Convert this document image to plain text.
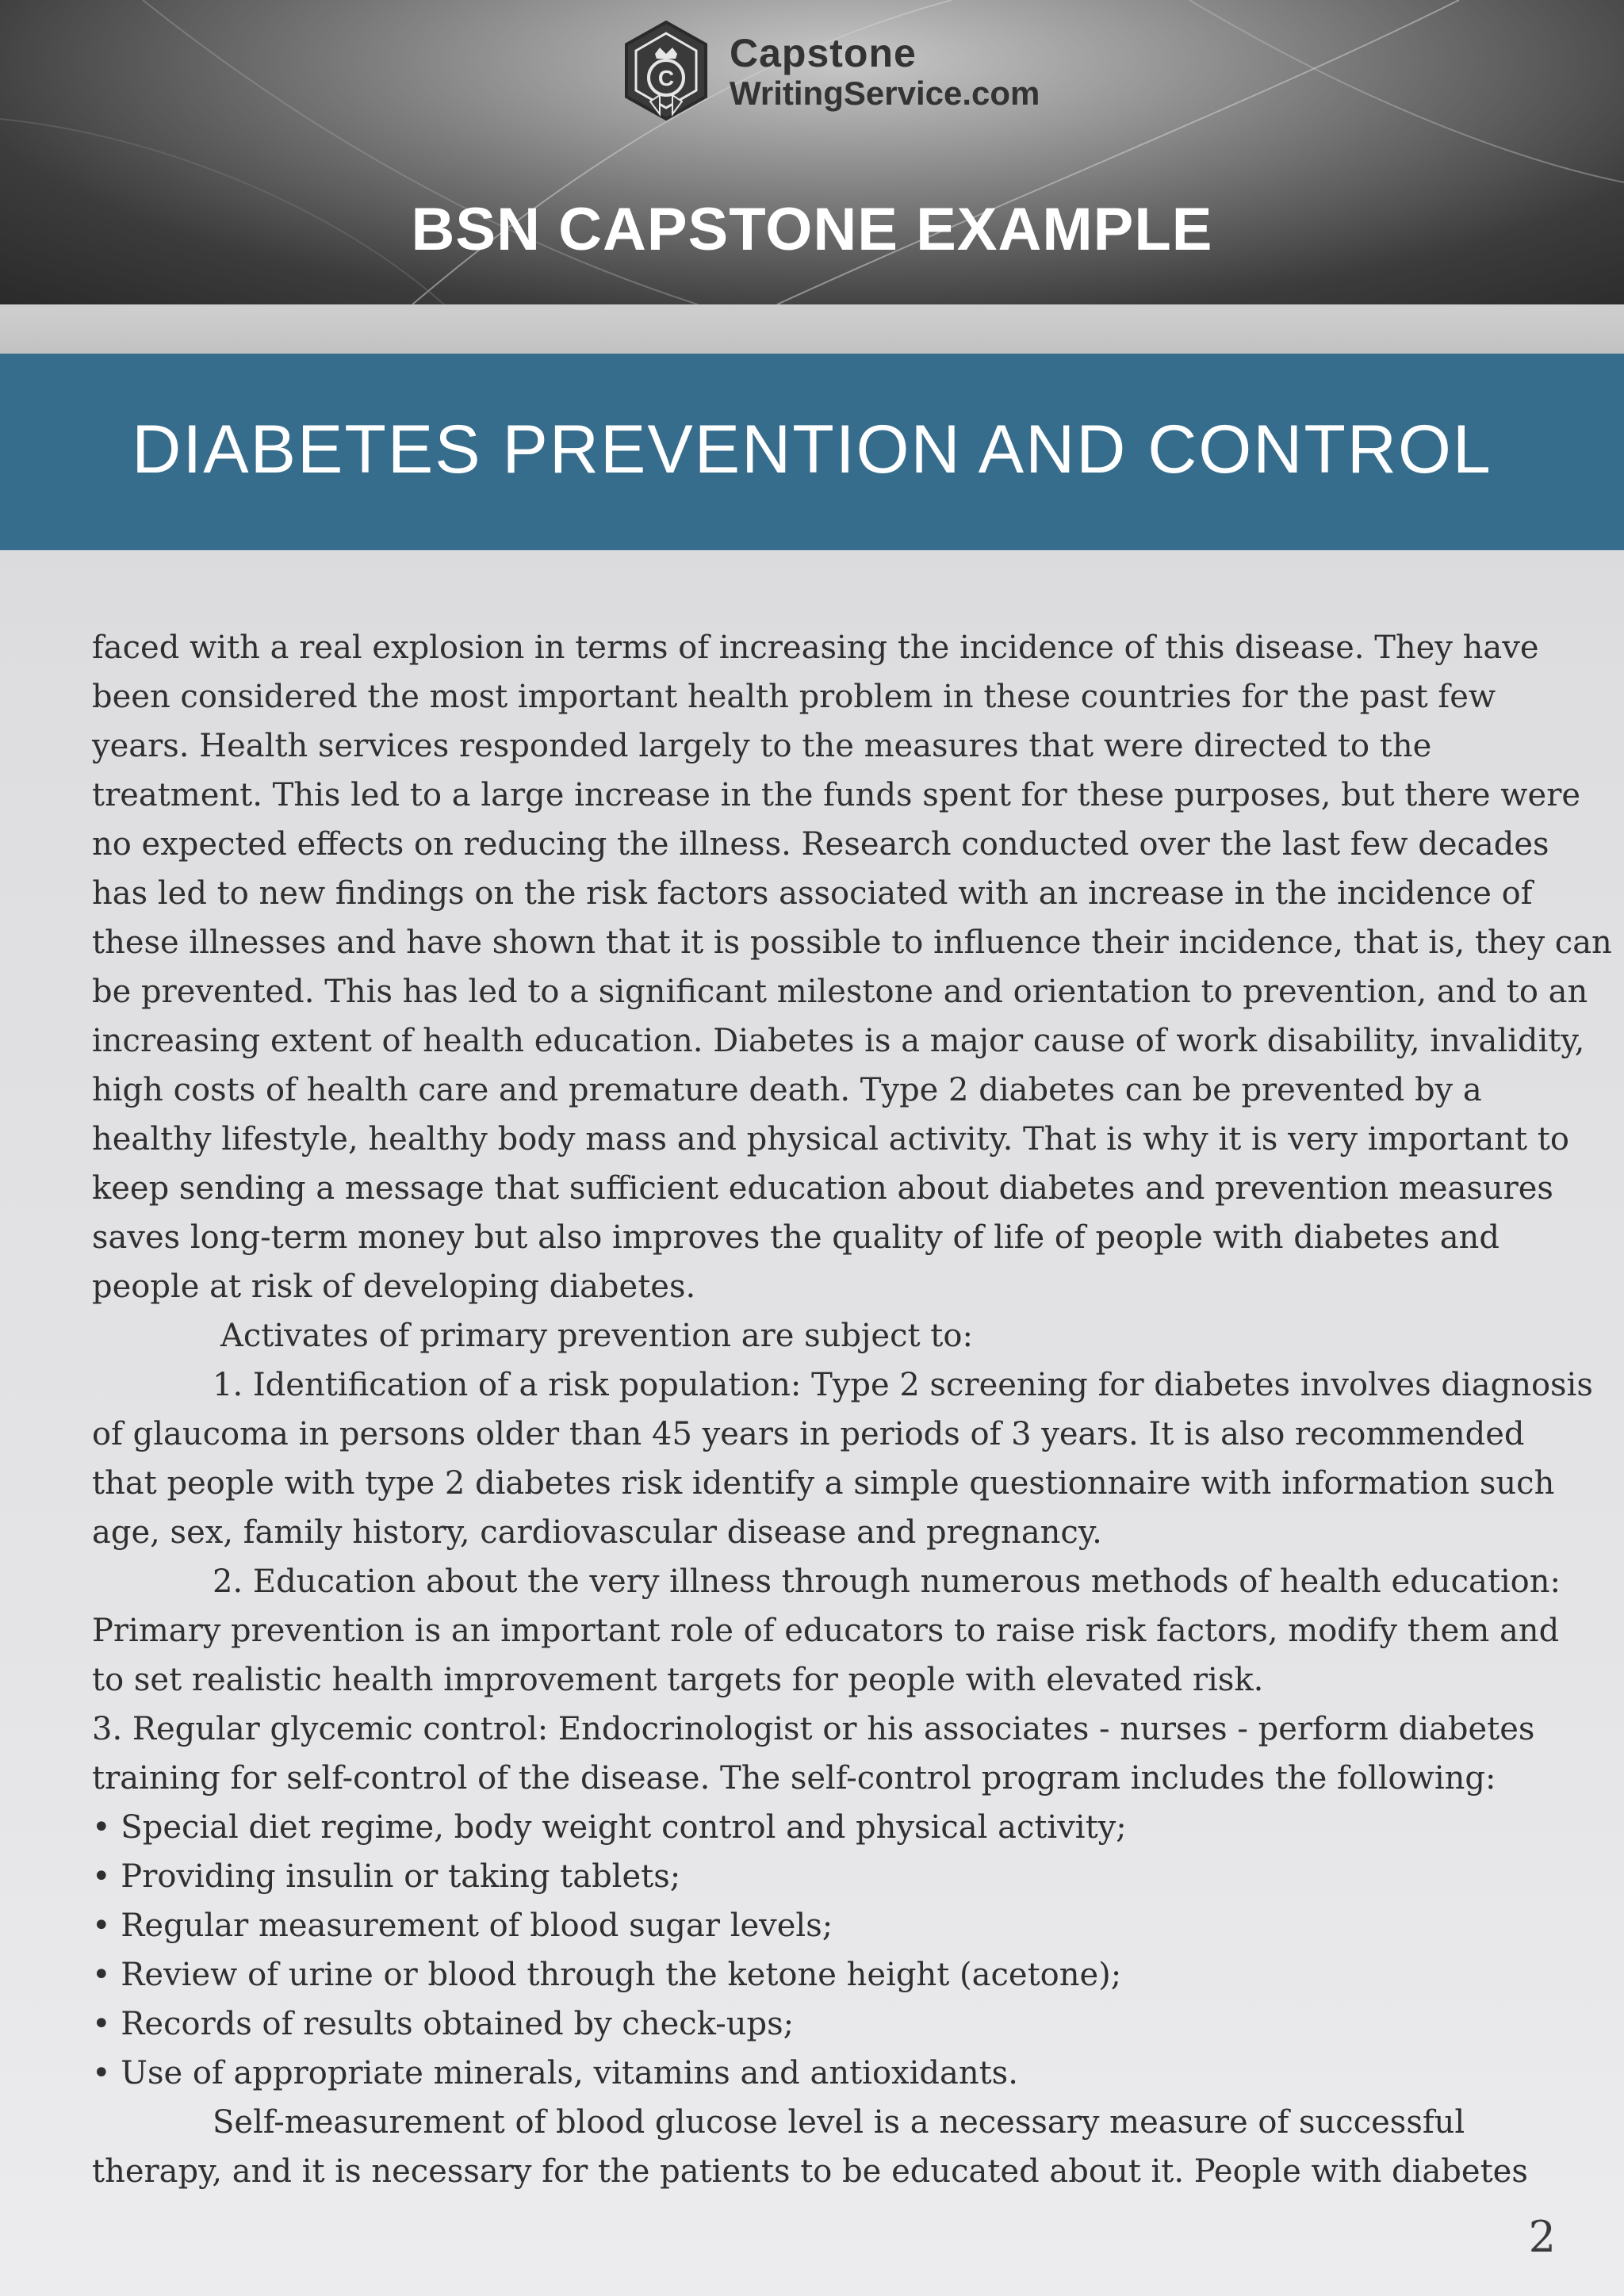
C
Capstone
WritingService.com
BSN CAPSTONE EXAMPLE
DIABETES PREVENTION AND CONTROL
faced with a real explosion in terms of increasing the incidence of this disease. They have
been considered the most important health problem in these countries for the past few
years. Health services responded largely to the measures that were directed to the
treatment. This led to a large increase in the funds spent for these purposes, but there were
no expected effects on reducing the illness. Research conducted over the last few decades
has led to new findings on the risk factors associated with an increase in the incidence of
these illnesses and have shown that it is possible to influence their incidence, that is, they can
be prevented. This has led to a significant milestone and orientation to prevention, and to an
increasing extent of health education. Diabetes is a major cause of work disability, invalidity,
high costs of health care and premature death. Type 2 diabetes can be prevented by a
healthy lifestyle, healthy body mass and physical activity. That is why it is very important to
keep sending a message that sufficient education about diabetes and prevention measures
saves long-term money but also improves the quality of life of people with diabetes and
people at risk of developing diabetes.
Activates of primary prevention are subject to:
1. Identification of a risk population: Type 2 screening for diabetes involves diagnosis
of glaucoma in persons older than 45 years in periods of 3 years. It is also recommended
that people with type 2 diabetes risk identify a simple questionnaire with information such
age, sex, family history, cardiovascular disease and pregnancy.
2. Education about the very illness through numerous methods of health education:
Primary prevention is an important role of educators to raise risk factors, modify them and
to set realistic health improvement targets for people with elevated risk.
3. Regular glycemic control: Endocrinologist or his associates - nurses - perform diabetes
training for self-control of the disease. The self-control program includes the following:
• Special diet regime, body weight control and physical activity;
• Providing insulin or taking tablets;
• Regular measurement of blood sugar levels;
• Review of urine or blood through the ketone height (acetone);
• Records of results obtained by check-ups;
• Use of appropriate minerals, vitamins and antioxidants.
Self-measurement of blood glucose level is a necessary measure of successful
therapy, and it is necessary for the patients to be educated about it. People with diabetes
2
